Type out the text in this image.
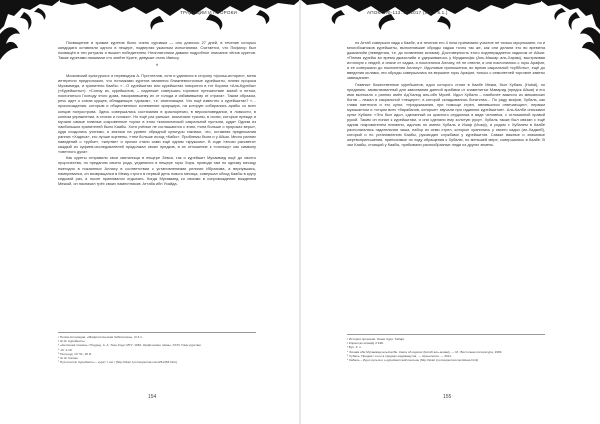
ТРАДИЦИИ И ПРОРОКИ

Посвящение в храмах куретов было очень суровым — оно длилось 27 дней, в течение которых кандидата оставляли одного в пещере, подвергая ужасным испытаниям. Считается, что Пифагор был посвящён в эти ритуалы и вышел победителем. Неоплатоники давали подробное описание чёнов куретов. Также куретами называли сто злейте Крите, девушке отать Ивексу.

*

Московский культуролог и переводчик А. Пустотелов, хотя и удалялся в сторону «фольк-истории», меня интересно предположил, что потомками куретов являются ближневосточные курейшиты, племя пророка Мухаммеда, и хранители Каабы: «…О курейшитах или курейшитах говорится в тот Корана «Аль-Курейш» («Курейшиты»): «Союзу их, курейшитов, – надлежит совершать торговое путешествие зимой и летом, поклоняться Господу этого дома, накормившему их от голода и избавившему от страха». Таким образом, речь идет о союзе курцев, обладающих «домом», т.е. святилищем. Что ещё известно о курейшитах? «…происхождения, которым и общественных кочеваниях ярарщера, на которую собирались арабы со всех концов полуострова. Здесь совершались состязания в красноречии, в вероисповедании, в ловкости, в конном упражнении, в стихах и поэзии». Но ещё раз раньше, языческие тризны, в осиях, которые прежде и мучали самые главные сокровенные «культ в этом «канонической сакральной пустыни, куда» Одним из наибольших хранителей было Каабы. Хотя учёные не соглашаются с этим, «чем больше о пророках веры», куда сходились ученики, и знатоки на уровне обрядной культуры таковых, что, оставляя предписания ранних «Хадиса», кто лучше оценены, «тем больше исход «Кабы». Проблемы были и у Айши. Много ранних наведений о «рубке», «жертве» и прочих стали сами ещё одним «кружком». В ходе «эпохи рассвета» каждый из суфиев-исследователей продолжал своих предков, в их отношение к «огоньку» как символу «светлого духа».

Как куреты отправили свои святилища в пещере Зевса, так и курейшит Мухаммед ещё до своего пророчества, по преданию своего рода, уединялся в пещере горы Хира, проводя там по одному месяцу ежегодно в покаянных Аллаху в соответствии с установлениями религии Ибрахима, а вернувшись, намеревался, он возвращался в Мекку строго в первый день нового месяца, совершал обход Каабы в кругу седьмой раз, а после принимался отдыхать. Когда Мухаммед со своими в сопровождении вожделем Меккой, он назначил трёх своих наместников: Аттаба ибн Усайда,

¹ Попов-Алголадов, «Мифологическая библиотека», III 3.1.
² Ж.Ж. Курейшиты.
³ «Античная поэзия» / Подред. А. А. Тахо-Годи; МГУ; 1981. Орфические гимны, XXXI; Гимн куретам.
⁴ 13: 1-10.
⁵ Несходд. 13: 51, 18 И.
⁶ Ж.Ж. Калиш.
⁷ Пустотелов. Курейшиты – курет = кетт [http://skaz.zyo.livejournal.com/251453.html]
154
АПОКРИФ-113: 03.2017 (Ж5.2 в.1.)

по Аттаб совершил хадж к Каабе, а в течение его 4 ночи принимали участие не только мусульмане, но и многобожников курейшиты, выполнявшие обряды хаджа точно так же, как они делали это во времена джахилийи (неведения, т.е. до появления ислама). Достоверность этого подтверждается хадисом от Айши: «Племя курейш во время джахилийи и удерживалось у Муздалифы (Аль-Машар аль-Харам), выстраивая ихтонкую с людей, и иначе от хаджа, и поклонялся Аллаху, её не отвели, и они поклонились с горы Арафат, и ее совершали до поклонения Аллаху». Идоловые приношения, во время сакральной «субботы», ещё до введения ислама, эти обряды совершались на вершине горы Арафат, только с семилетней торговле заветы завещания».

Главные божественные курейшитов, идол которого стоял в Каабе Мекки, был Хубаль (Hubal), по преданию, заимствованный для завоевания данной арабами от знаменитых Маварид (предок Айши) и его имя вытекало с ранних имён Ад'Халид аль-ибн Мусей. Идол Хубаля – наиболее важного из мекканских богов – лежал в сакральной «пещере», в которой складывались богатства… По ряду мифов, Хубаль, как глава пантеона и его культ, «предсказания, при помощи стрел, являвшихся отвечающих», первым музыкантом и «отцом всех «барабанов, которые» звучали при гаданиях курейшитов». Аль-Калби описывал культ Хубаля: «Это был идол, сделанный из красного сердолика в виде человека, с отломанной правой рукой. Таким он попал к курейшитам, и они сделали ему золотую руку». Хубаль также был связан с ещё одним покровителем племени, идолом по имени Хубаль и Изаф (Исаф), и рядом с Хубалем в Каабе располагалась гадательная чаша, набор из семи стрел, которые хранились у своего кадьи (ал-Хаджиб), который и по установлению Каабы, руководил службами у курейшитов. Самые важные и значимые жертвоприношения, приносимые по ходу обращения к Хубалю, по меньшей мере, совершались в Каабе. В зал Каабы, стоящий у Каабы, прибывали разнообразные люди из других земель.

¹ История пророков. Ошни Худи. Табарі.
² Коран (ал-Ахкаф) 2:198.
³ Бух. 3: 1.
⁴ Хишам ибн Мухаммад аль-Калби. Книга об идолах (Китаб аль-аснам). — М.: Восточная литература, 1984.
⁵ Хубаль. Предмет и его в предках-хадрамаутов. — Археология. — 2011.
⁶ Кабаль – Идол культа и о-курейшитский пантеон [http://skaz.zyo.livejournal.com/ideas.html]
155
